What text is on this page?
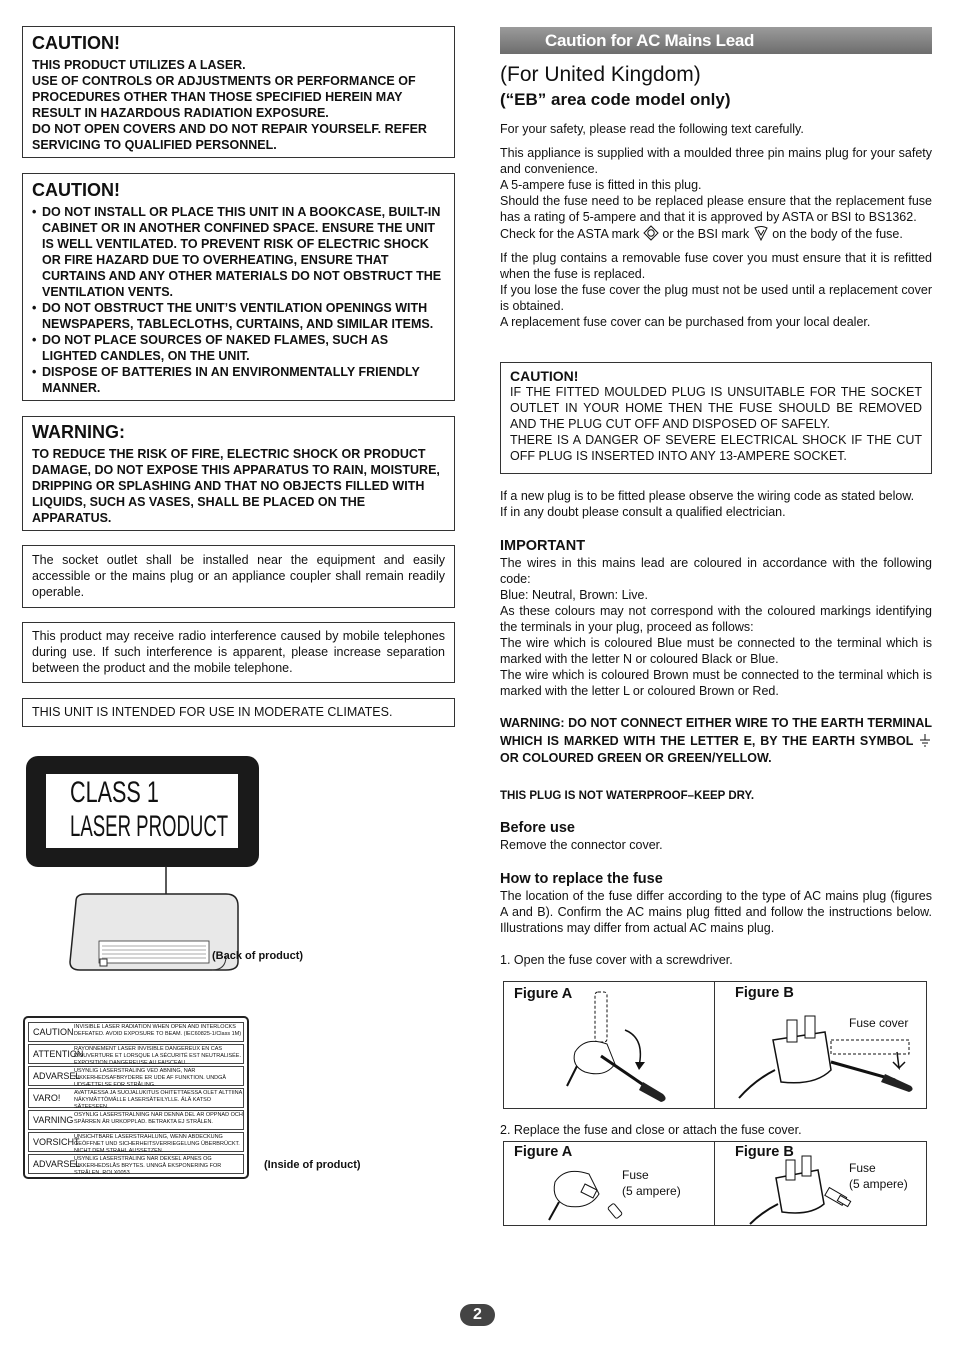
CAUTION!
THIS PRODUCT UTILIZES A LASER.
USE OF CONTROLS OR ADJUSTMENTS OR PERFORMANCE OF PROCEDURES OTHER THAN THOSE SPECIFIED HEREIN MAY RESULT IN HAZARDOUS RADIATION EXPOSURE.
DO NOT OPEN COVERS AND DO NOT REPAIR YOURSELF. REFER SERVICING TO QUALIFIED PERSONNEL.
CAUTION!
• DO NOT INSTALL OR PLACE THIS UNIT IN A BOOKCASE, BUILT-IN CABINET OR IN ANOTHER CONFINED SPACE. ENSURE THE UNIT IS WELL VENTILATED. TO PREVENT RISK OF ELECTRIC SHOCK OR FIRE HAZARD DUE TO OVERHEATING, ENSURE THAT CURTAINS AND ANY OTHER MATERIALS DO NOT OBSTRUCT THE VENTILATION VENTS.
• DO NOT OBSTRUCT THE UNIT’S VENTILATION OPENINGS WITH NEWSPAPERS, TABLECLOTHS, CURTAINS, AND SIMILAR ITEMS.
• DO NOT PLACE SOURCES OF NAKED FLAMES, SUCH AS LIGHTED CANDLES, ON THE UNIT.
• DISPOSE OF BATTERIES IN AN ENVIRONMENTALLY FRIENDLY MANNER.
WARNING:
TO REDUCE THE RISK OF FIRE, ELECTRIC SHOCK OR PRODUCT DAMAGE, DO NOT EXPOSE THIS APPARATUS TO RAIN, MOISTURE, DRIPPING OR SPLASHING AND THAT NO OBJECTS FILLED WITH LIQUIDS, SUCH AS VASES, SHALL BE PLACED ON THE APPARATUS.
The socket outlet shall be installed near the equipment and easily accessible or the mains plug or an appliance coupler shall remain readily operable.
This product may receive radio interference caused by mobile telephones during use. If such interference is apparent, please increase separation between the product and the mobile telephone.
THIS UNIT IS INTENDED FOR USE IN MODERATE CLIMATES.
CLASS 1
LASER PRODUCT
(Back of product)
CAUTION INVISIBLE LASER RADIATION WHEN OPEN AND INTERLOCKS DEFEATED. AVOID EXPOSURE TO BEAM. (IEC60825-1/Class 1M)
ATTENTION
RAYONNEMENT LASER INVISIBLE DANGEREUX EN CAS D'OUVERTURE ET LORSQUE LA SÉCURITÉ EST NEUTRALISÉE. EXPOSITION DANGEREUSE AU FAISCEAU.
ADVARSEL
USYNLIG LASERSTRÅLING VED ÅBNING, NÅR SIKKERHEDSAFBRYDERE ER UDE AF FUNKTION. UNDGÅ UDSÆTTELSE FOR STRÅLING.
VARO! AVATTAESSA JA SUOJALUKITUS OHITETTAESSA OLET ALTTIINA NÄKYMÄTTÖMÄLLE LASERSÄTEILYLLE. ÄLÄ KATSO SÄTEESEEN.
VARNING OSYNLIG LASERSTRÅLNING NÄR DENNA DEL ÄR ÖPPNAD OCH SPÄRREN ÄR URKOPPLAD. BETRAKTA EJ STRÅLEN.
VORSICHT
UNSICHTBARE LASERSTRAHLUNG, WENN ABDECKUNG GEÖFFNET UND SICHERHEITSVERRIEGELUNG ÜBERBRÜCKT. NICHT DEM STRAHL AUSSETZEN.
ADVARSEL
USYNLIG LASERSTRÅLING NÅR DEKSEL ÅPNES OG SIKKERHEDSLÅS BRYTES. UNNGÅ EKSPONERING FOR STRÅLEN. RQLX0053
(Inside of product)
Caution for AC Mains Lead
(For United Kingdom)
(“EB” area code model only)

For your safety, please read the following text carefully.

This appliance is supplied with a moulded three pin mains plug for your safety and convenience.

A 5-ampere fuse is fitted in this plug.

Should the fuse need to be replaced please ensure that the replacement fuse has a rating of 5-ampere and that it is approved by ASTA or BSI to BS1362.

Check for the ASTA mark or the BSI mark on the body of the fuse.

If the plug contains a removable fuse cover you must ensure that it is refitted when the fuse is replaced.

If you lose the fuse cover the plug must not be used until a replacement cover is obtained.

A replacement fuse cover can be purchased from your local dealer.

CAUTION!
IF THE FITTED MOULDED PLUG IS UNSUITABLE FOR THE SOCKET OUTLET IN YOUR HOME THEN THE FUSE SHOULD BE REMOVED AND THE PLUG CUT OFF AND DISPOSED OF SAFELY.
THERE IS A DANGER OF SEVERE ELECTRICAL SHOCK IF THE CUT OFF PLUG IS INSERTED INTO ANY 13-AMPERE SOCKET.

If a new plug is to be fitted please observe the wiring code as stated below.

If in any doubt please consult a qualified electrician.

IMPORTANT

The wires in this mains lead are coloured in accordance with the following code:

Blue: Neutral, Brown: Live.

As these colours may not correspond with the coloured markings identifying the terminals in your plug, proceed as follows:

The wire which is coloured Blue must be connected to the terminal which is marked with the letter N or coloured Black or Blue.

The wire which is coloured Brown must be connected to the terminal which is marked with the letter L or coloured Brown or Red.

WARNING: DO NOT CONNECT EITHER WIRE TO THE EARTH TERMINAL WHICH IS MARKED WITH THE LETTER E, BY THE EARTH SYMBOL  OR COLOURED GREEN OR GREEN/YELLOW.

THIS PLUG IS NOT WATERPROOF–KEEP DRY.

Before use

Remove the connector cover.

How to replace the fuse

The location of the fuse differ according to the type of AC mains plug (figures A and B). Confirm the AC mains plug fitted and follow the instructions below. Illustrations may differ from actual AC mains plug.

1. Open the fuse cover with a screwdriver.

Figure A	Figure B
Fuse cover
2. Replace the fuse and close or attach the fuse cover.
Figure A	Figure B
Fuse
(5 ampere)
Fuse
(5 ampere)
2
